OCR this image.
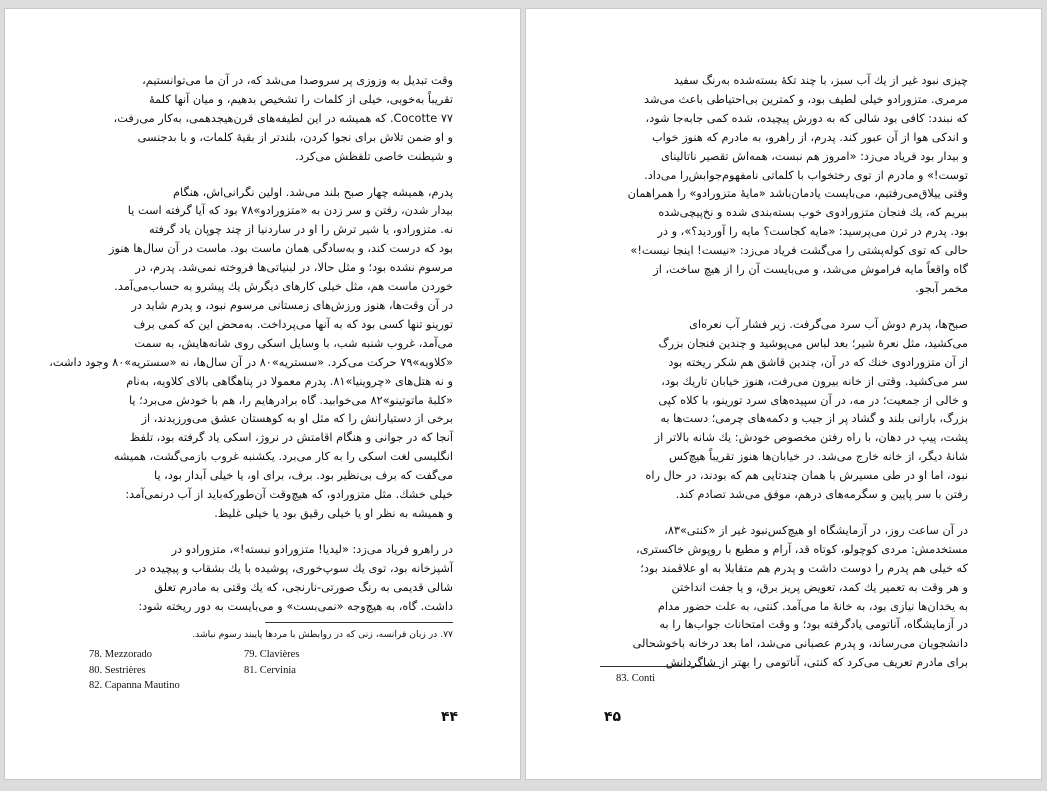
وقت تبدیل به وزوزی پر سروصدا می‌شد که، در آن ما می‌توانستیم،
تقریباً به‌خوبی، خیلی از کلمات را تشخیص بدهیم، و میان آنها کلمهٔ
Cocotte ۷۷. که همیشه در این لطیفه‌های قرن‌هیجدهمی، به‌کار می‌رفت،
و او ضمن تلاش برای نجوا کردن، بلندتر از بقیهٔ کلمات، و با بدجنسی
و شیطنت خاصی تلفظش می‌کرد.

پدرم، همیشه چهار صبح بلند می‌شد. اولین نگرانی‌اش، هنگام
بیدار شدن، رفتن و سر زدن به «متزورادو»۷۸ بود که آیا گرفته است یا
نه. متزورادو، یا شیر ترش را او در ساردنیا از چند چوپان یاد گرفته
بود که درست کند، و به‌سادگی همان ماست بود. ماست در آن سال‌ها هنوز
مرسوم نشده بود؛ و مثل حالا، در لبنیاتی‌ها فروخته نمی‌شد. پدرم، در
خوردن ماست هم، مثل خیلی کارهای دیگرش یك پیشرو به حساب‌می‌آمد.
در آن وقت‌ها، هنوز ورزش‌های زمستانی مرسوم نبود، و پدرم شاید در
تورینو تنها کسی بود که به آنها می‌پرداخت. به‌محض این که کمی برف
می‌آمد، غروب شنبه شب، با وسایل اسکی روی شانه‌هایش، به سمت
«کلاویه»۷۹ حرکت می‌کرد. «سستریه»۸۰ در آن سال‌ها، نه «سستریه»۸۰ وجود داشت،
و نه هتل‌های «چروینیا»۸۱. پدرم معمولا در پناهگاهی بالای کلاویه، به‌نام
«کلبهٔ ماتوتینو»۸۲ می‌خوابید. گاه برادرهایم را، هم با خودش می‌برد؛ یا
برخی از دستیارانش را که مثل او به کوهستان عشق می‌ورزیدند، از
آنجا که در جوانی و هنگام اقامتش در نروژ، اسکی یاد گرفته بود، تلفظ
انگلیسی لغت اسکی را به کار می‌برد. یکشنبه غروب بازمی‌گشت، همیشه
می‌گفت که برف بی‌نظیر بود. برف، برای او، یا خیلی آبدار بود، یا
خیلی خشك. مثل متزورادو، که هیچ‌وقت آن‌طورکه‌باید از آب درنمی‌آمد:
و همیشه به نظر او یا خیلی رقیق بود یا خیلی غلیظ.

در راهرو فریاد می‌زد: «لیدیا! متزورادو نبسته!»، متزورادو در
آشپزخانه بود، توی یك سوپ‌خوری، پوشیده با یك بشقاب و پیچیده در
شالی قدیمی به رنگ صورتی-نارنجی، که یك وقتی به مادرم تعلق
داشت. گاه، به هیچ‌وجه «نمی‌بست» و می‌بایست به دور ریخته شود:

۷۷. در زبان فرانسه، زنی که در روابطش با مردها پایبند رسوم نباشد.
78. Mezzorado	79. Clavières
80. Sestrières	81. Cervinia
82. Capanna Mautino
۴۴

چیزی نبود غیر از یك آب سبز، با چند تکهٔ بسته‌شده به‌رنگ سفید
مرمری. متزورادو خیلی لطیف بود، و کمترین بی‌احتیاطی باعث می‌شد
که نبندد: کافی بود شالی که به دورش پیچیده، شده کمی جابه‌جا شود،
و اندکی هوا از آن عبور کند. پدرم، از راهرو، به مادرم که هنوز خواب
و بیدار بود فریاد می‌زد: «امروز هم نبست، همه‌اش تقصیر ناتالینای
توست!» و مادرم از توی رختخواب با کلماتی نامفهوم‌جوابش‌را می‌داد.
وقتی ییلاق‌می‌رفتیم، می‌بایست یادمان‌باشد «مایهٔ متزورادو» را همراهمان
ببریم که، یك فنجان متزورادوی خوب بسته‌بندی شده و نخ‌پیچی‌شده
بود. پدرم در ترن می‌پرسید: «مایه کجاست؟ مایه را آوردید؟»، و در
حالی که توی کوله‌پشتی را می‌گشت فریاد می‌زد: «نیست! اینجا نیست!»
گاه واقعاً مایه فراموش می‌شد، و می‌بایست آن را از هیچ ساخت، از
مخمر آبجو.

صبح‌ها، پدرم دوش آب سرد می‌گرفت. زیر فشار آب نعره‌ای
می‌کشید، مثل نعرهٔ شیر؛ بعد لباس می‌پوشید و چندین فنجان بزرگ
از آن متزورادوی خنك که در آن، چندین قاشق هم شکر ریخته بود
سر می‌کشید. وقتی از خانه بیرون می‌رفت، هنوز خیابان تاریك بود،
و خالی از جمعیت؛ در مه، در آن سپیده‌های سرد تورینو، با کلاه کپی
بزرگ، بارانی بلند و گشاد پر از جیب و دکمه‌های چرمی؛ دست‌ها به
پشت، پیپ در دهان، با راه رفتن مخصوص خودش: یك شانه بالاتر از
شانهٔ دیگر، از خانه خارج می‌شد. در خیابان‌ها هنوز تقریباً هیچ‌کس
نبود، اما او در طی مسیرش با همان چندتایی هم که بودند، در حال راه
رفتن با سر پایین و سگرمه‌های درهم، موفق می‌شد تصادم کند.

در آن ساعت روز، در آزمایشگاه او هیچ‌کس‌نبود غیر از «کنتی»۸۳،
مستخدمش: مردی کوچولو، کوتاه قد، آرام و مطیع با روپوش خاکستری،
که خیلی هم پدرم را دوست داشت و پدرم هم متقابلا به او علاقمند بود؛
و هر وقت به تعمیر یك کمد، تعویض پریز برق، و یا جفت انداختن
به یخدان‌ها نیازی بود، به خانهٔ ما می‌آمد. کنتی، به علت حضور مدام
در آزمایشگاه، آناتومی یادگرفته بود؛ و وقت امتحانات جواب‌ها را به
دانشجویان می‌رساند، و پدرم عصبانی می‌شد، اما بعد درخانه باخوشحالی
برای مادرم تعریف می‌کرد که کنتی، آناتومی را بهتر از شاگردانش

83. Conti
۴۵
